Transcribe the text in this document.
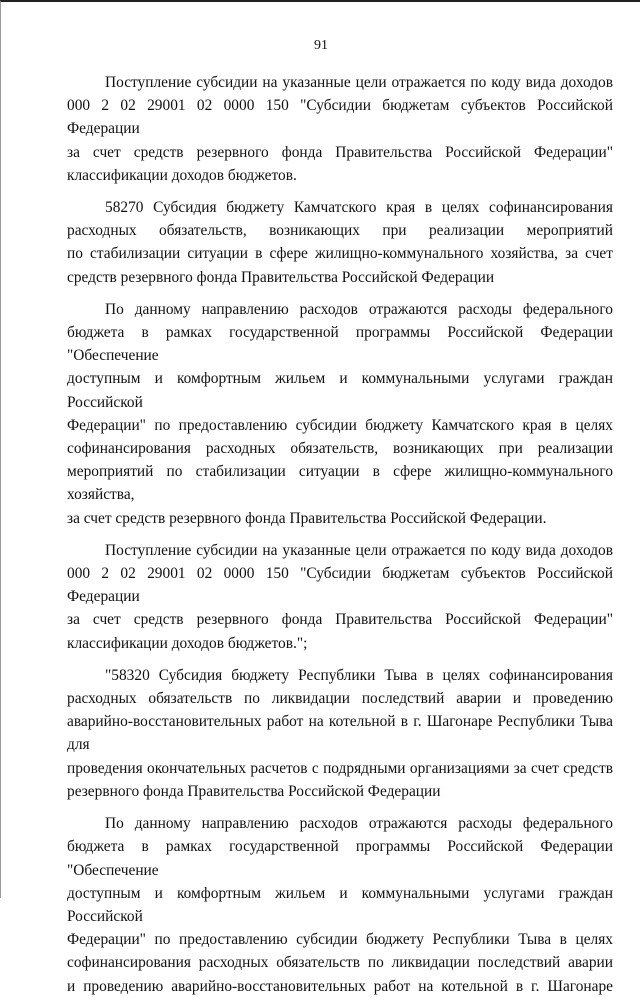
91

Поступление субсидии на указанные цели отражается по коду вида доходов
000 2 02 29001 02 0000 150 "Субсидии бюджетам субъектов Российской Федерации
за счет средств резервного фонда Правительства Российской Федерации"
классификации доходов бюджетов.

58270 Субсидия бюджету Камчатского края в целях софинансирования
расходных обязательств, возникающих при реализации мероприятий
по стабилизации ситуации в сфере жилищно-коммунального хозяйства, за счет
средств резервного фонда Правительства Российской Федерации

По данному направлению расходов отражаются расходы федерального
бюджета в рамках государственной программы Российской Федерации "Обеспечение
доступным и комфортным жильем и коммунальными услугами граждан Российской
Федерации" по предоставлению субсидии бюджету Камчатского края в целях
софинансирования расходных обязательств, возникающих при реализации
мероприятий по стабилизации ситуации в сфере жилищно-коммунального хозяйства,
за счет средств резервного фонда Правительства Российской Федерации.

Поступление субсидии на указанные цели отражается по коду вида доходов
000 2 02 29001 02 0000 150 "Субсидии бюджетам субъектов Российской Федерации
за счет средств резервного фонда Правительства Российской Федерации"
классификации доходов бюджетов.";

"58320 Субсидия бюджету Республики Тыва в целях софинансирования
расходных обязательств по ликвидации последствий аварии и проведению
аварийно-восстановительных работ на котельной в г. Шагонаре Республики Тыва для
проведения окончательных расчетов с подрядными организациями за счет средств
резервного фонда Правительства Российской Федерации

По данному направлению расходов отражаются расходы федерального
бюджета в рамках государственной программы Российской Федерации "Обеспечение
доступным и комфортным жильем и коммунальными услугами граждан Российской
Федерации" по предоставлению субсидии бюджету Республики Тыва в целях
софинансирования расходных обязательств по ликвидации последствий аварии
и проведению аварийно-восстановительных работ на котельной в г. Шагонаре
